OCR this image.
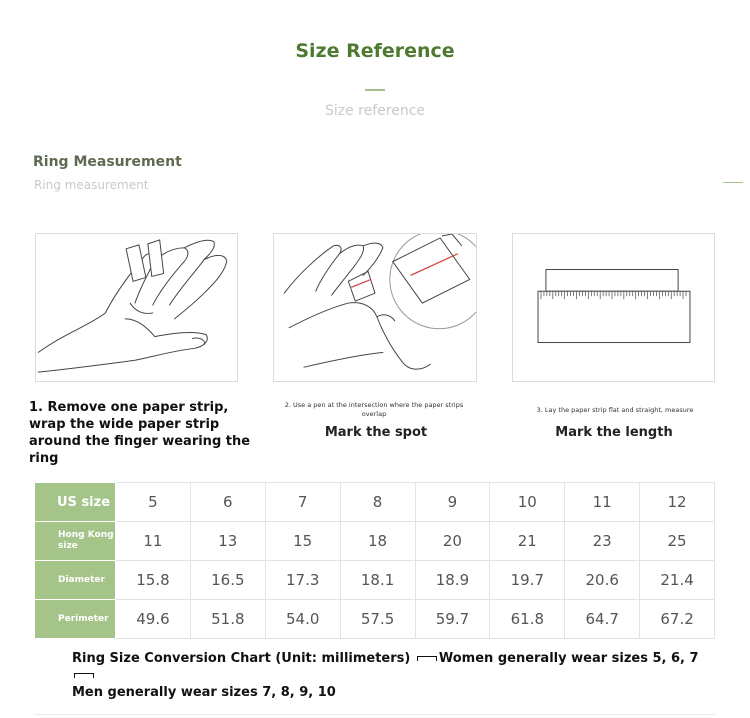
Size Reference
Size reference
Ring Measurement
Ring measurement
1. Remove one paper strip, wrap the wide paper strip around the finger wearing the ring
2. Use a pen at the intersection where the paper strips overlap
Mark the spot
3. Lay the paper strip flat and straight, measure
Mark the length
US size	5	6	7	8	9	10	11	12
Hong Kong size	11	13	15	18	20	21	23	25
Diameter	15.8	16.5	17.3	18.1	18.9	19.7	20.6	21.4
Perimeter	49.6	51.8	54.0	57.5	59.7	61.8	64.7	67.2
Ring Size Conversion Chart (Unit: millimeters) Women generally wear sizes 5, 6, 7
Men generally wear sizes 7, 8, 9, 10
